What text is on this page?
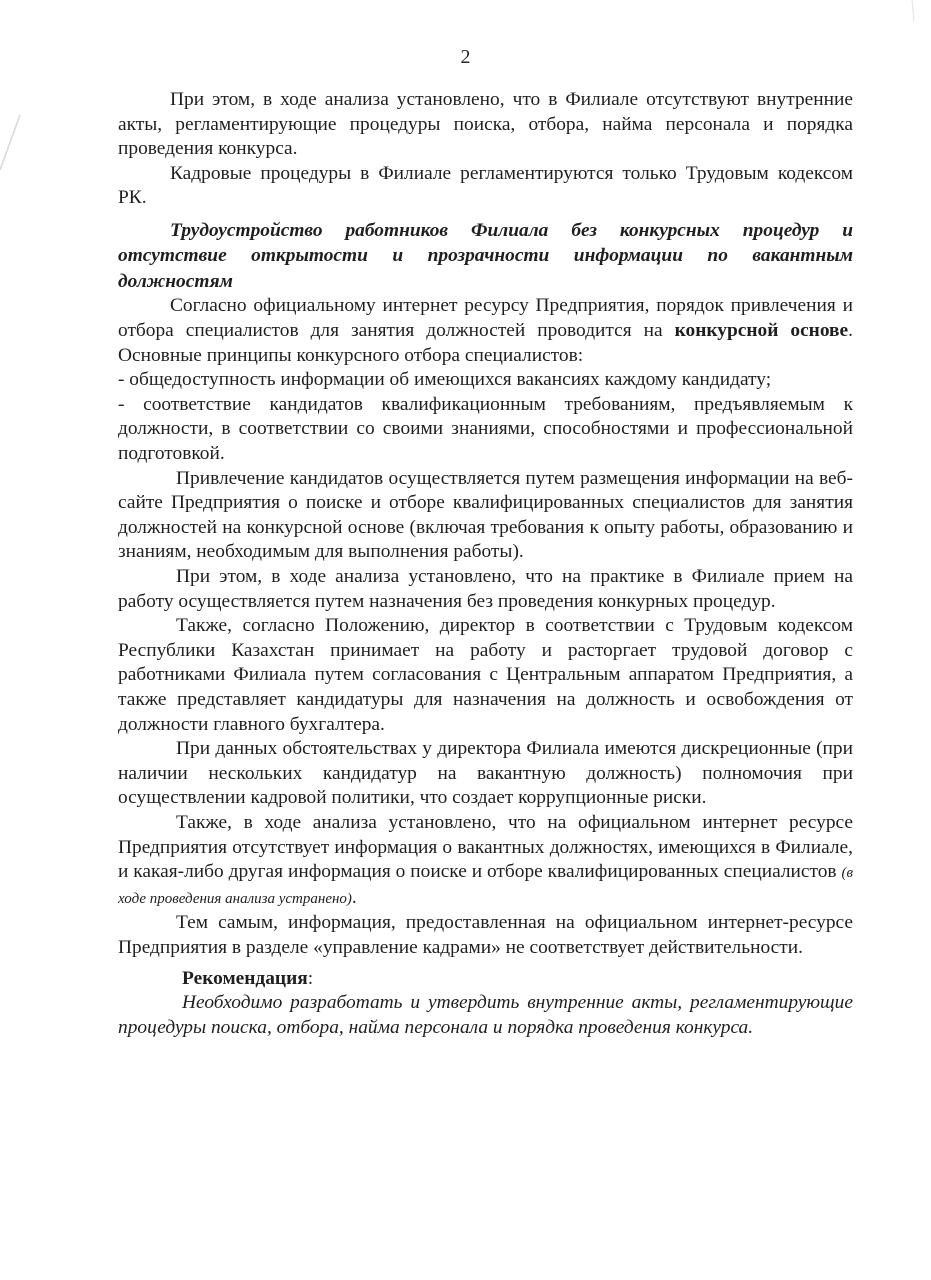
2

При этом, в ходе анализа установлено, что в Филиале отсутствуют внутренние акты, регламентирующие процедуры поиска, отбора, найма персонала и порядка проведения конкурса.

Кадровые процедуры в Филиале регламентируются только Трудовым кодексом РК.

Трудоустройство работников Филиала без конкурсных процедур и отсутствие открытости и прозрачности информации по вакантным должностям

Согласно официальному интернет ресурсу Предприятия, порядок привлечения и отбора специалистов для занятия должностей проводится на конкурсной основе. Основные принципы конкурсного отбора специалистов:

- общедоступность информации об имеющихся вакансиях каждому кандидату;

- соответствие кандидатов квалификационным требованиям, предъявляемым к должности, в соответствии со своими знаниями, способностями и профессиональной подготовкой.

Привлечение кандидатов осуществляется путем размещения информации на веб-сайте Предприятия о поиске и отборе квалифицированных специалистов для занятия должностей на конкурсной основе (включая требования к опыту работы, образованию и знаниям, необходимым для выполнения работы).

При этом, в ходе анализа установлено, что на практике в Филиале прием на работу осуществляется путем назначения без проведения конкурных процедур.

Также, согласно Положению, директор в соответствии с Трудовым кодексом Республики Казахстан принимает на работу и расторгает трудовой договор с работниками Филиала путем согласования с Центральным аппаратом Предприятия, а также представляет кандидатуры для назначения на должность и освобождения от должности главного бухгалтера.

При данных обстоятельствах у директора Филиала имеются дискреционные (при наличии нескольких кандидатур на вакантную должность) полномочия при осуществлении кадровой политики, что создает коррупционные риски.

Также, в ходе анализа установлено, что на официальном интернет ресурсе Предприятия отсутствует информация о вакантных должностях, имеющихся в Филиале, и какая-либо другая информация о поиске и отборе квалифицированных специалистов (в ходе проведения анализа устранено).

Тем самым, информация, предоставленная на официальном интернет-ресурсе Предприятия в разделе «управление кадрами» не соответствует действительности.

Рекомендация:

Необходимо разработать и утвердить внутренние акты, регламентирующие процедуры поиска, отбора, найма персонала и порядка проведения конкурса.
